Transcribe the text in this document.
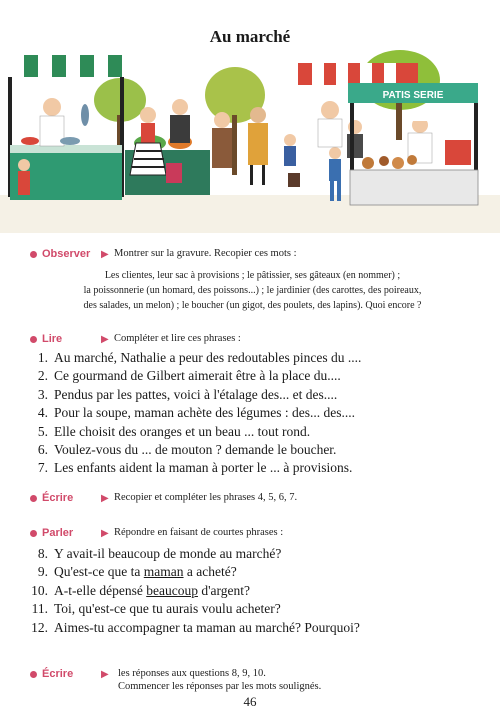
Au marché
PATIS SERIE
Observer ▶ Montrer sur la gravure. Recopier ces mots :
Les clientes, leur sac à provisions ; le pâtissier, ses gâteaux (en nommer) ;
la poissonnerie (un homard, des poissons...) ; le jardinier (des carottes, des poireaux,
des salades, un melon) ; le boucher (un gigot, des poulets, des lapins). Quoi encore ?
Lire	▶ Compléter et lire ces phrases :
1. Au marché, Nathalie a peur des redoutables pinces du ....
2. Ce gourmand de Gilbert aimerait être à la place du....
3. Pendus par les pattes, voici à l'étalage des... et des....
4. Pour la soupe, maman achète des légumes : des... des....
5. Elle choisit des oranges et un beau ... tout rond.
6. Voulez-vous du ... de mouton ? demande le boucher.
7. Les enfants aident la maman à porter le ... à provisions.
Écrire	▶ Recopier et compléter les phrases 4, 5, 6, 7.
Parler	▶ Répondre en faisant de courtes phrases :
8. Y avait-il beaucoup de monde au marché?
9. Qu'est-ce que ta maman a acheté?
10. A-t-elle dépensé beaucoup d'argent?
11. Toi, qu'est-ce que tu aurais voulu acheter?
12. Aimes-tu accompagner ta maman au marché? Pourquoi?
Écrire	▶ les réponses aux questions 8, 9, 10.
Commencer les réponses par les mots soulignés.
46
